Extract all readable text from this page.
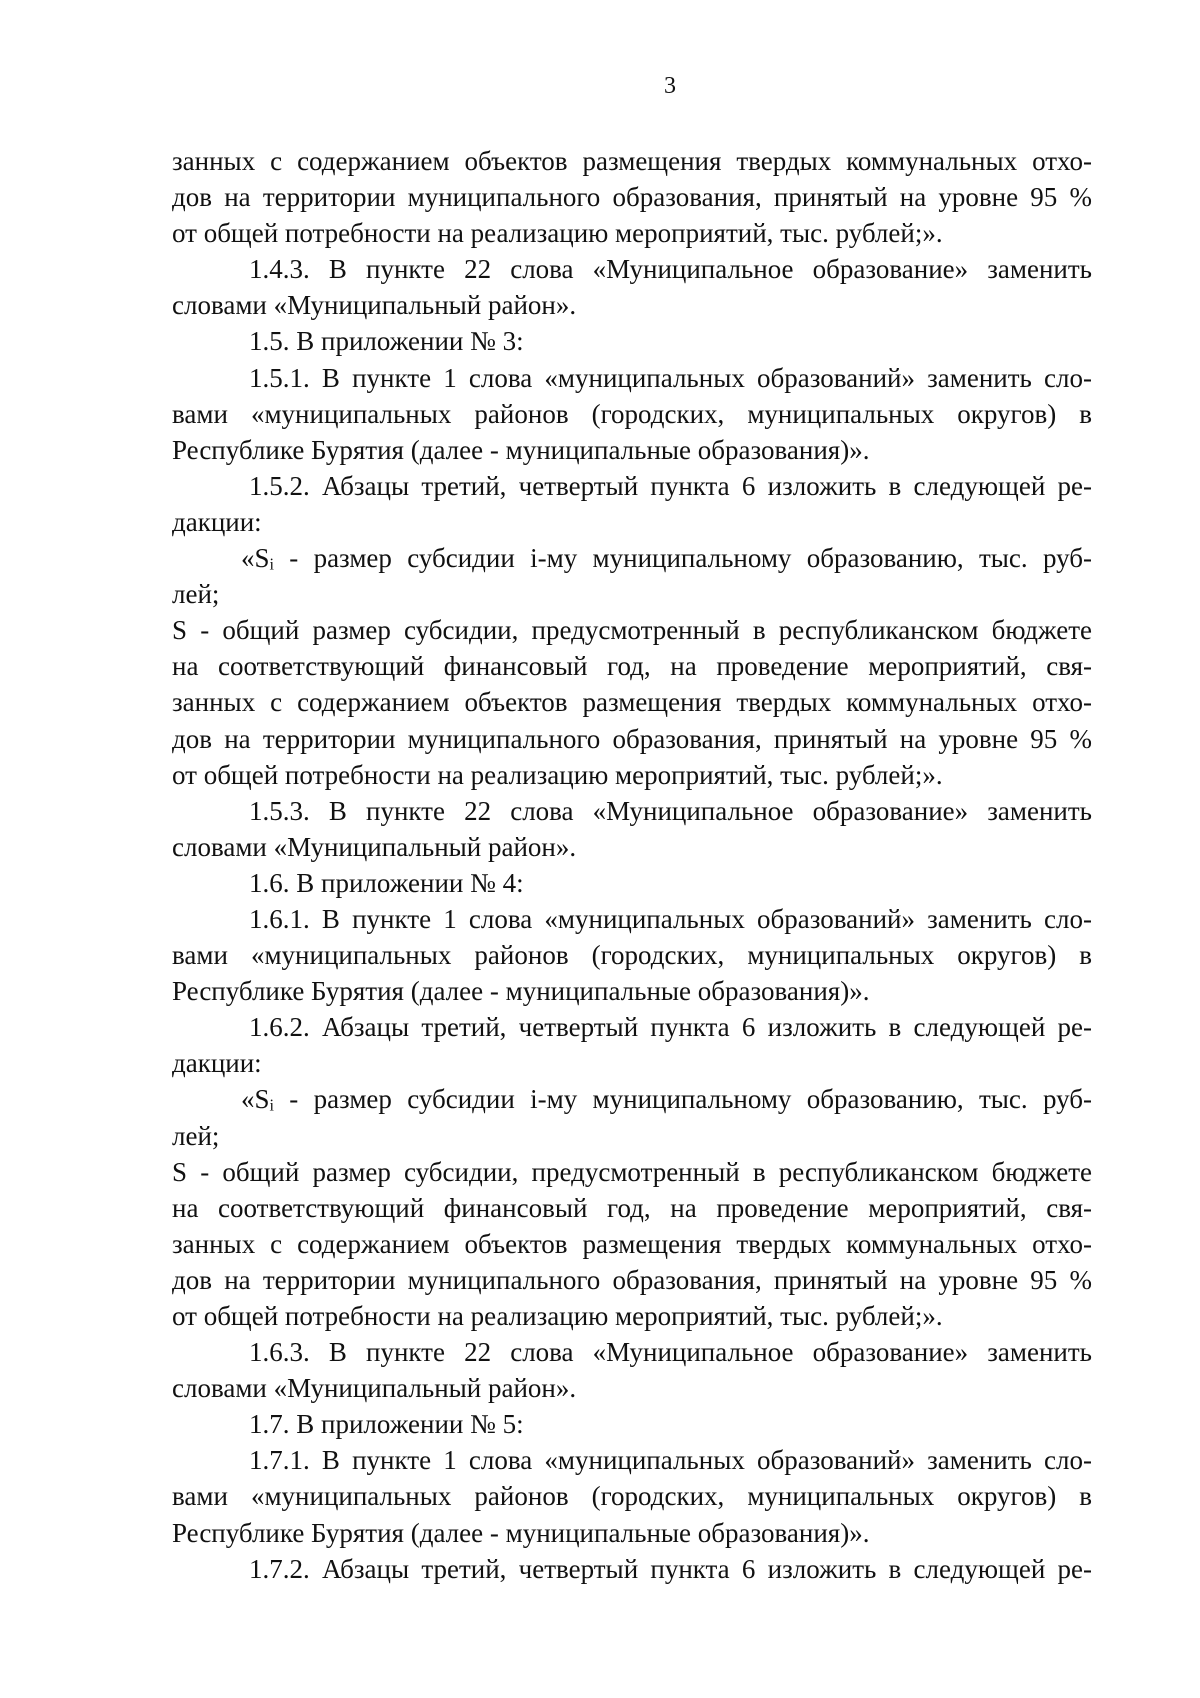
3
занных с содержанием объектов размещения твердых коммунальных отхо-
дов на территории муниципального образования, принятый на уровне 95 %
от общей потребности на реализацию мероприятий, тыс. рублей;».
1.4.3. В пункте 22 слова «Муниципальное образование» заменить
словами «Муниципальный район».
1.5. В приложении № 3:
1.5.1. В пункте 1 слова «муниципальных образований» заменить сло-
вами «муниципальных районов (городских, муниципальных округов) в
Республике Бурятия (далее - муниципальные образования)».
1.5.2. Абзацы третий, четвертый пункта 6 изложить в следующей ре-
дакции:
«Sᵢ - размер субсидии i-му муниципальному образованию, тыс. руб-
лей;
S - общий размер субсидии, предусмотренный в республиканском бюджете
на соответствующий финансовый год, на проведение мероприятий, свя-
занных с содержанием объектов размещения твердых коммунальных отхо-
дов на территории муниципального образования, принятый на уровне 95 %
от общей потребности на реализацию мероприятий, тыс. рублей;».
1.5.3. В пункте 22 слова «Муниципальное образование» заменить
словами «Муниципальный район».
1.6. В приложении № 4:
1.6.1. В пункте 1 слова «муниципальных образований» заменить сло-
вами «муниципальных районов (городских, муниципальных округов) в
Республике Бурятия (далее - муниципальные образования)».
1.6.2. Абзацы третий, четвертый пункта 6 изложить в следующей ре-
дакции:
«Sᵢ - размер субсидии i-му муниципальному образованию, тыс. руб-
лей;
S - общий размер субсидии, предусмотренный в республиканском бюджете
на соответствующий финансовый год, на проведение мероприятий, свя-
занных с содержанием объектов размещения твердых коммунальных отхо-
дов на территории муниципального образования, принятый на уровне 95 %
от общей потребности на реализацию мероприятий, тыс. рублей;».
1.6.3. В пункте 22 слова «Муниципальное образование» заменить
словами «Муниципальный район».
1.7. В приложении № 5:
1.7.1. В пункте 1 слова «муниципальных образований» заменить сло-
вами «муниципальных районов (городских, муниципальных округов) в
Республике Бурятия (далее - муниципальные образования)».
1.7.2. Абзацы третий, четвертый пункта 6 изложить в следующей ре-
